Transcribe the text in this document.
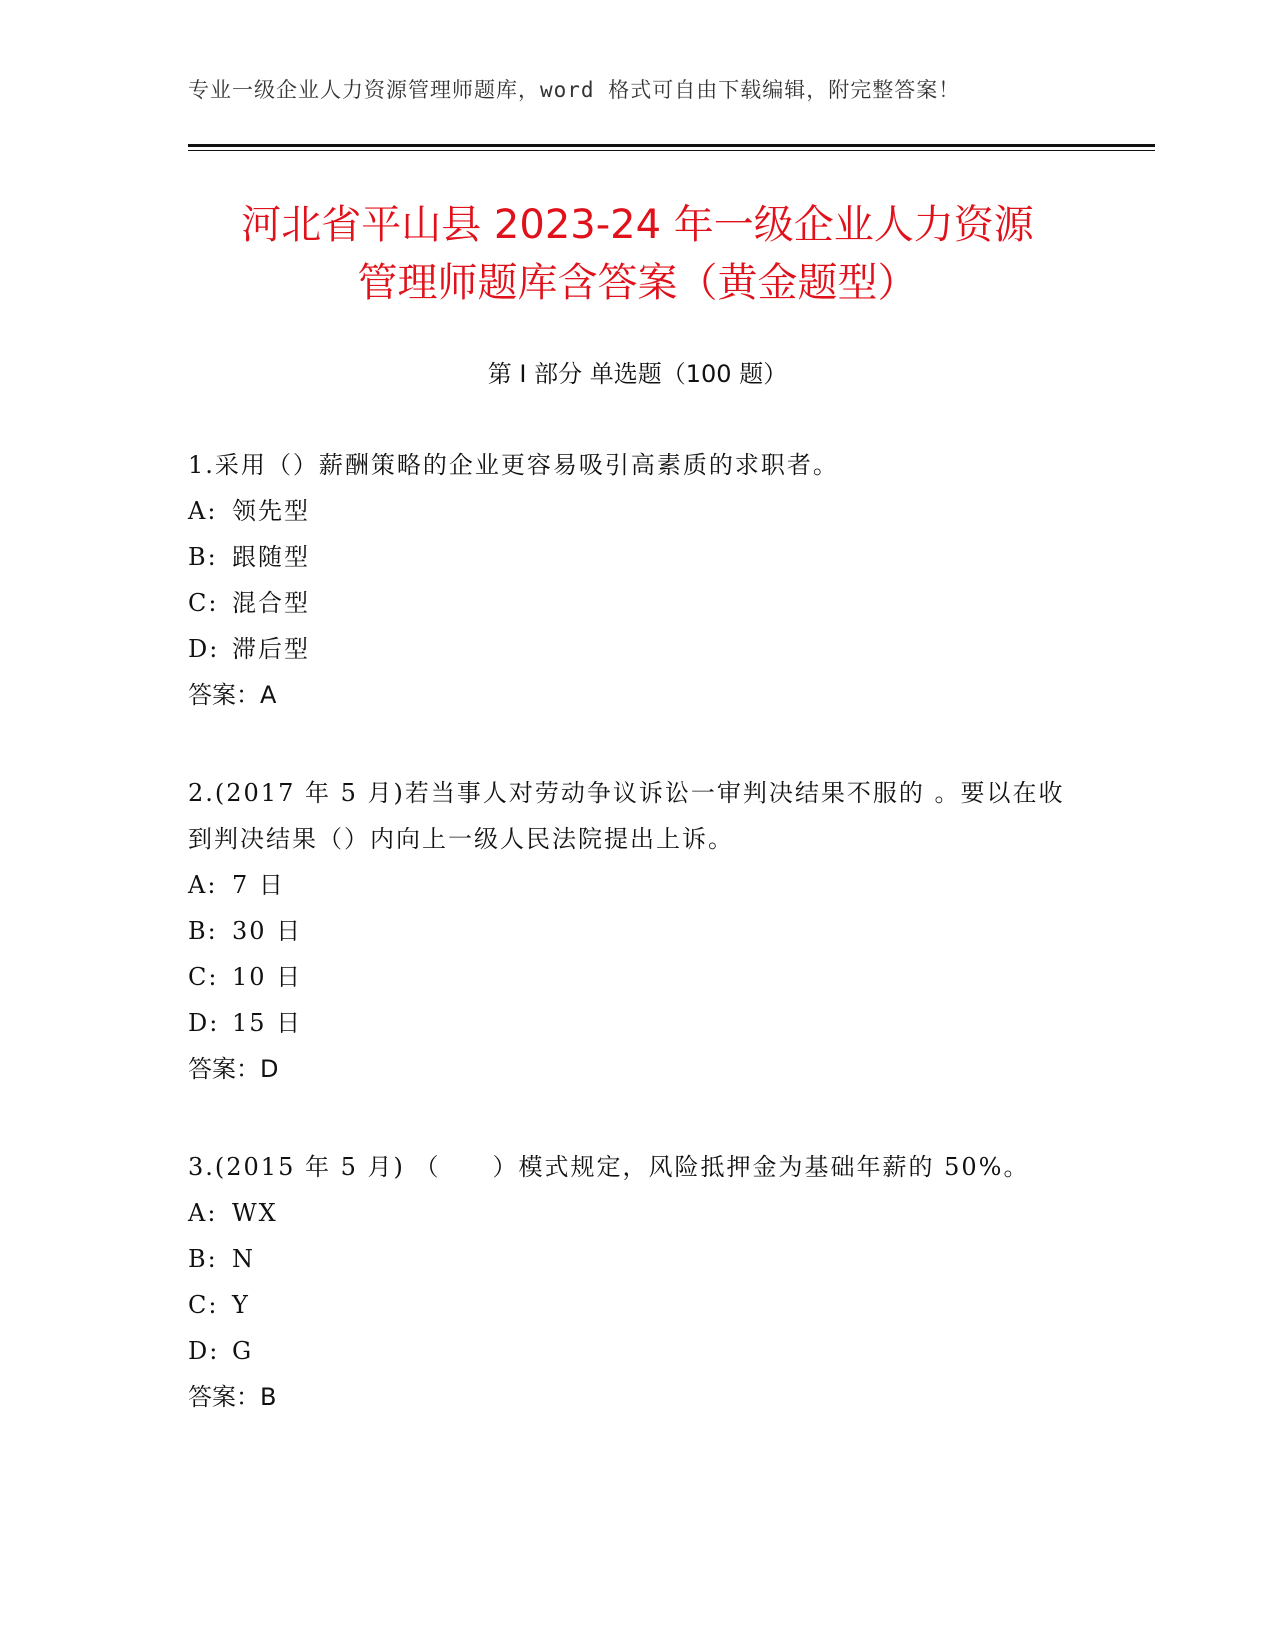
专业一级企业人力资源管理师题库，word 格式可自由下载编辑，附完整答案！
河北省平山县 2023-24 年一级企业人力资源
管理师题库含答案（黄金题型）
第 I 部分 单选题（100 题）

1.采用（）薪酬策略的企业更容易吸引高素质的求职者。

A: 领先型

B: 跟随型

C: 混合型

D: 滞后型

答案：A

2.(2017 年 5 月)若当事人对劳动争议诉讼一审判决结果不服的 。要以在收到判决结果（）内向上一级人民法院提出上诉。

A: 7 日

B: 30 日

C: 10 日

D: 15 日

答案：D

3.(2015 年 5 月) （　　）模式规定，风险抵押金为基础年薪的 50%。

A: WX

B: N

C: Y

D: G

答案：B
